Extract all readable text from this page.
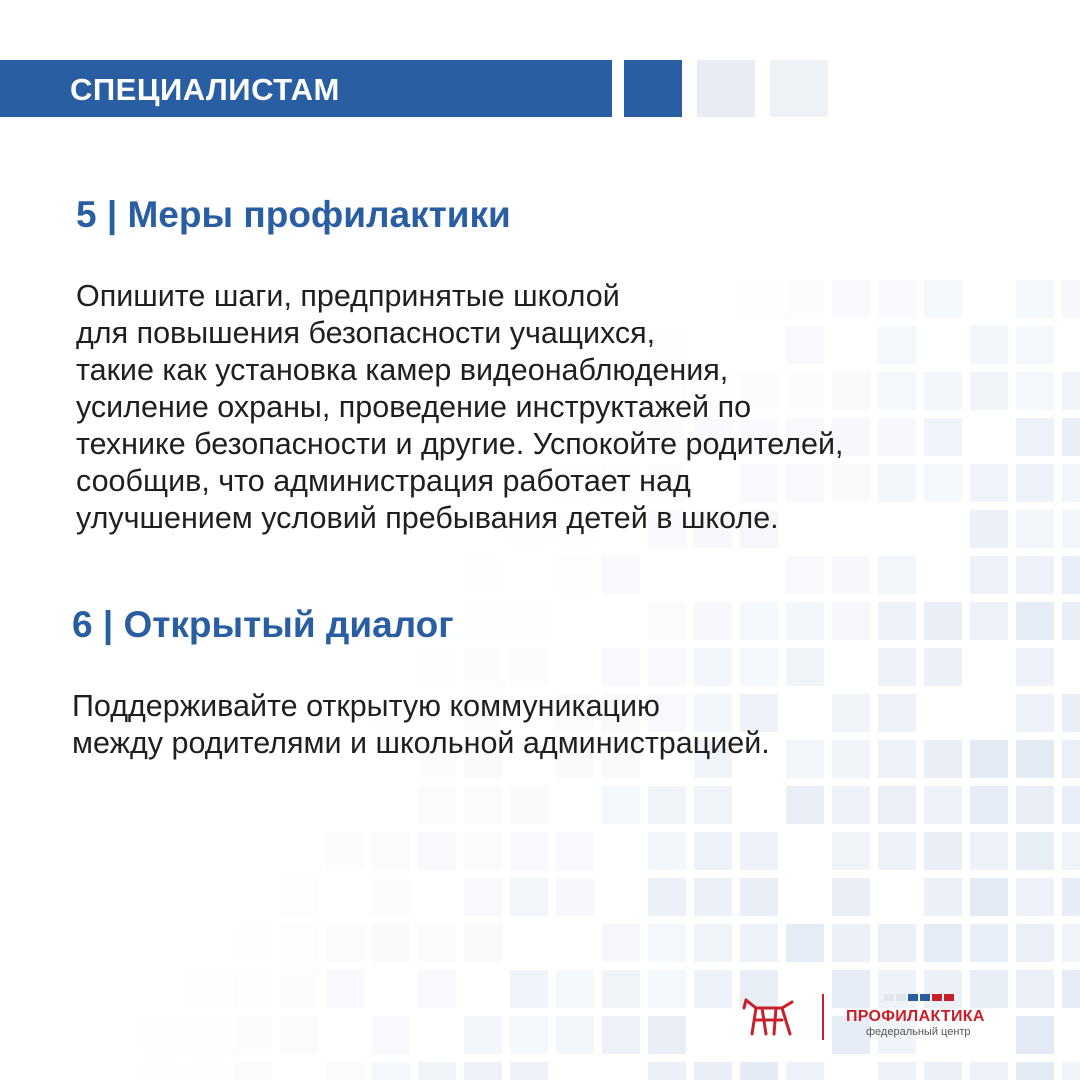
СПЕЦИАЛИСТАМ
5 | Меры профилактики
Опишите шаги, предпринятые школой
для повышения безопасности учащихся,
такие как установка камер видеонаблюдения,
усиление охраны, проведение инструктажей по
технике безопасности и другие. Успокойте родителей,
сообщив, что администрация работает над
улучшением условий пребывания детей в школе.
6 | Открытый диалог
Поддерживайте открытую коммуникацию
между родителями и школьной администрацией.
ПРОФИЛАКТИКА
федеральный центр
